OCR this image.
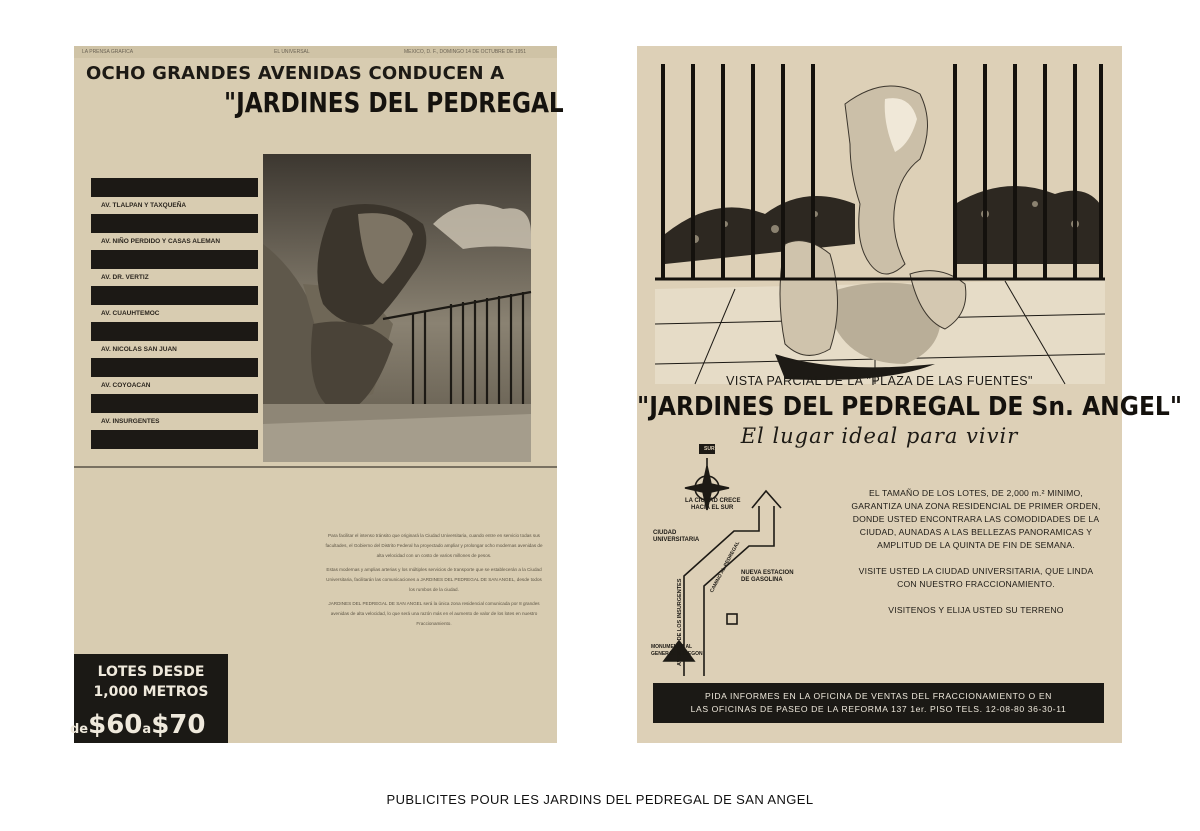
LA PRENSA GRAFICA	EL UNIVERSAL	MEXICO, D. F., DOMINGO 14 DE OCTUBRE DE 1951
OCHO GRANDES AVENIDAS CONDUCEN A
"JARDINES DEL PEDREGAL
AV. TLALPAN Y TAXQUEÑA
AV. NIÑO PERDIDO Y CASAS ALEMAN
AV. DR. VERTIZ
AV. CUAUHTEMOC
AV. NICOLAS SAN JUAN
AV. COYOACAN
AV. INSURGENTES

Para facilitar el intenso tránsito que originará la Ciudad Universitaria, cuando entre en servicio todas sus facultades, el Gobierno del Distrito Federal ha proyectado ampliar y prolongar ocho modernas avenidas de alta velocidad con un costo de varios millones de pesos.

Estas modernas y amplias arterias y los múltiples servicios de transporte que se establecerán a la Ciudad Universitaria, facilitarán las comunicaciones a JARDINES DEL PEDREGAL DE SAN ANGEL, desde todos los rumbos de la ciudad.

JARDINES DEL PEDREGAL DE SAN ANGEL será la única zona residencial comunicada por 8 grandes avenidas de alta velocidad, lo que será una razón más en el aumento de valor de los lotes en nuestro Fraccionamiento.

LOTES DESDE
1,000 METROS
de$60a$70
VISTA PARCIAL DE LA "PLAZA DE LAS FUENTES"
"JARDINES DEL PEDREGAL DE Sn. ANGEL"
El lugar ideal para vivir
SUR
LA CIUDAD CRECE
HACIA EL SUR
CIUDAD
UNIVERSITARIA
NUEVA ESTACION
DE GASOLINA
AVENIDA DE LOS INSURGENTES
CAMINO AL PEDREGAL
MONUMENTO AL
GENERAL OBREGON

EL TAMAÑO DE LOS LOTES, DE 2,000 m.² MINIMO, GARANTIZA UNA ZONA RESIDENCIAL DE PRIMER ORDEN, DONDE USTED ENCONTRARA LAS COMODIDADES DE LA CIUDAD, AUNADAS A LAS BELLEZAS PANORAMICAS Y AMPLITUD DE LA QUINTA DE FIN DE SEMANA.

VISITE USTED LA CIUDAD UNIVERSITARIA, QUE LINDA CON NUESTRO FRACCIONAMIENTO.

VISITENOS Y ELIJA USTED SU TERRENO

PIDA INFORMES EN LA OFICINA DE VENTAS DEL FRACCIONAMIENTO O EN
LAS OFICINAS DE PASEO DE LA REFORMA 137 1er. PISO TELS. 12-08-80 36-30-11
PUBLICITES POUR LES JARDINS DEL PEDREGAL DE SAN ANGEL
